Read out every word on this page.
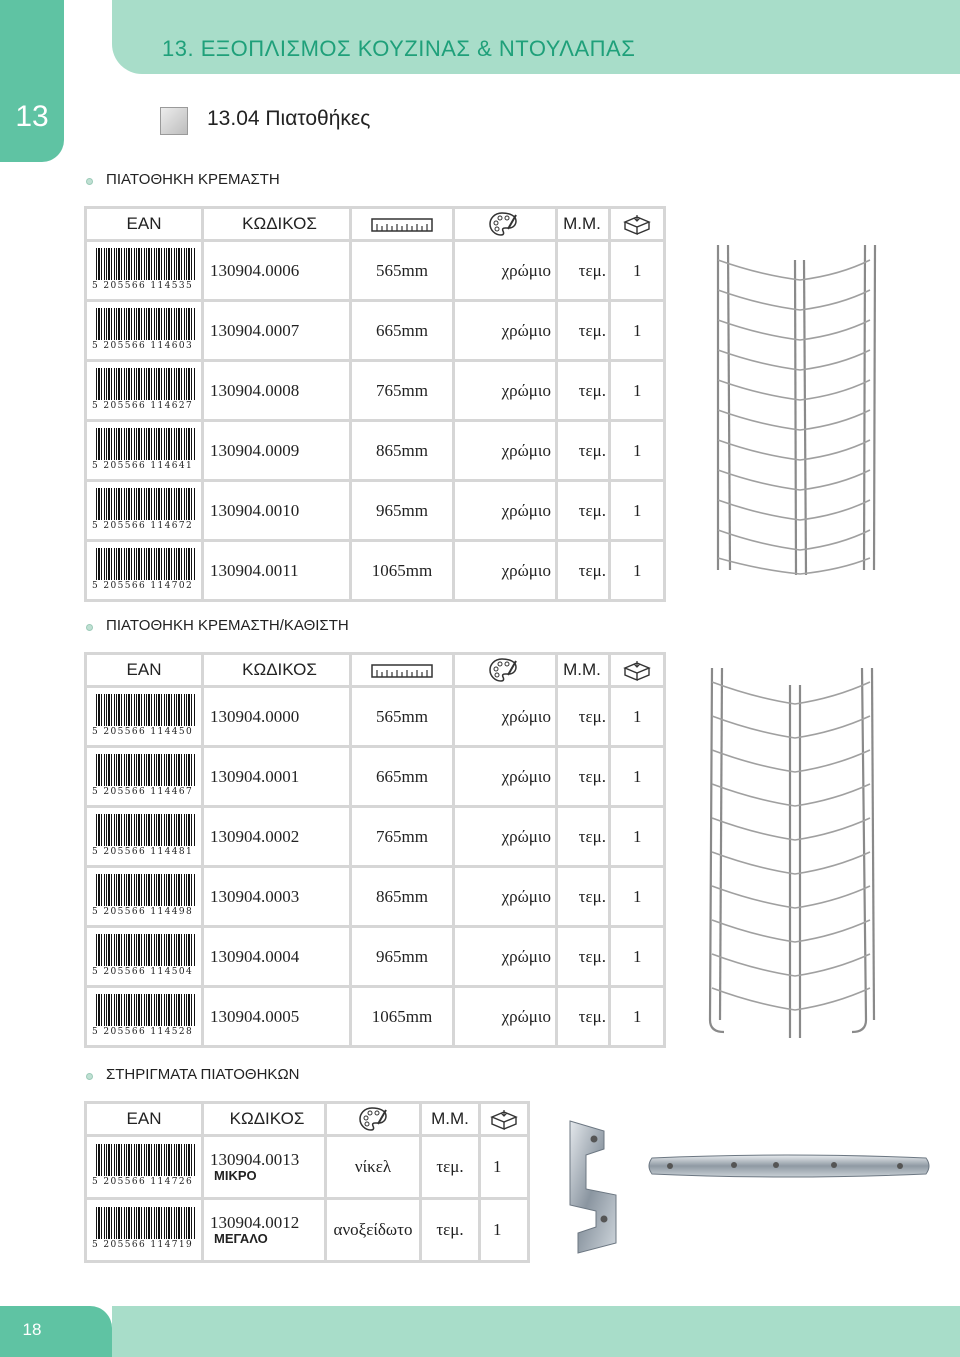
13
13. ΕΞΟΠΛΙΣΜΟΣ ΚΟΥΖΙΝΑΣ & ΝΤΟΥΛΑΠΑΣ
13.04 Πιατοθήκες
ΠΙΑΤΟΘΗΚΗ ΚΡΕΜΑΣΤΗ
EAN	ΚΩΔΙΚΟΣ			Μ.Μ.	

5 205566 114535	130904.0006	565mm	χρώμιο	τεμ.	1

5 205566 114603	130904.0007	665mm	χρώμιο	τεμ.	1

5 205566 114627	130904.0008	765mm	χρώμιο	τεμ.	1

5 205566 114641	130904.0009	865mm	χρώμιο	τεμ.	1

5 205566 114672	130904.0010	965mm	χρώμιο	τεμ.	1

5 205566 114702	130904.0011	1065mm	χρώμιο	τεμ.	1
ΠΙΑΤΟΘΗΚΗ ΚΡΕΜΑΣΤΗ/ΚΑΘΙΣΤΗ
EAN	ΚΩΔΙΚΟΣ			Μ.Μ.	

5 205566 114450	130904.0000	565mm	χρώμιο	τεμ.	1

5 205566 114467	130904.0001	665mm	χρώμιο	τεμ.	1

5 205566 114481	130904.0002	765mm	χρώμιο	τεμ.	1

5 205566 114498	130904.0003	865mm	χρώμιο	τεμ.	1

5 205566 114504	130904.0004	965mm	χρώμιο	τεμ.	1

5 205566 114528	130904.0005	1065mm	χρώμιο	τεμ.	1
ΣΤΗΡΙΓΜΑΤΑ ΠΙΑΤΟΘΗΚΩΝ
EAN	ΚΩΔΙΚΟΣ		Μ.Μ.	

5 205566 114726	130904.0013
ΜΙΚΡΟ	νίκελ	τεμ.	1

5 205566 114719	130904.0012
ΜΕΓΑΛΟ	ανοξείδωτο	τεμ.	1
18
